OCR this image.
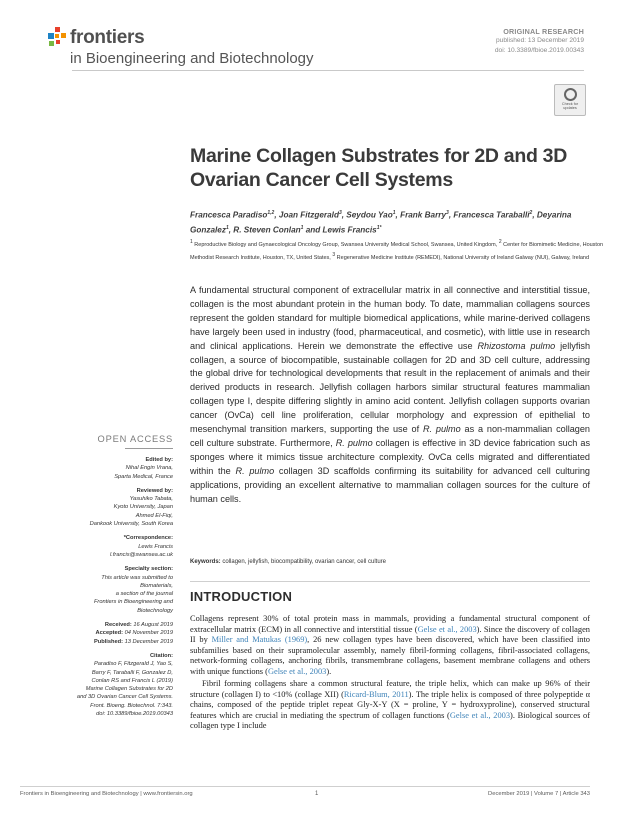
frontiers
in Bioengineering and Biotechnology
ORIGINAL RESEARCH
published: 13 December 2019
doi: 10.3389/fbioe.2019.00343
Check for updates
Marine Collagen Substrates for 2D and 3D Ovarian Cancer Cell Systems
Francesca Paradiso$^{1,2}$, Joan Fitzgerald$^3$, Seydou Yao$^1$, Frank Barry$^3$, Francesca Taraballi$^2$, Deyarina Gonzalez$^1$, R. Steven Conlan$^1$ and Lewis Francis$^{1*}$
$^1$ Reproductive Biology and Gynaecological Oncology Group, Swansea University Medical School, Swansea, United Kingdom, $^2$ Center for Biomimetic Medicine, Houston Methodist Research Institute, Houston, TX, United States, $^3$ Regenerative Medicine Institute (REMEDI), National University of Ireland Galway (NUI), Galway, Ireland
A fundamental structural component of extracellular matrix in all connective and interstitial tissue, collagen is the most abundant protein in the human body. To date, mammalian collagens sources represent the golden standard for multiple biomedical applications, while marine-derived collagens have largely been used in industry (food, pharmaceutical, and cosmetic), with little use in research and clinical applications. Herein we demonstrate the effective use Rhizostoma pulmo jellyfish collagen, a source of biocompatible, sustainable collagen for 2D and 3D cell culture, addressing the global drive for technological developments that result in the replacement of animals and their derived products in research. Jellyfish collagen harbors similar structural features mammalian collagen type I, despite differing slightly in amino acid content. Jellyfish collagen supports ovarian cancer (OvCa) cell line proliferation, cellular morphology and expression of epithelial to mesenchymal transition markers, supporting the use of R. pulmo as a non-mammalian collagen cell culture substrate. Furthermore, R. pulmo collagen is effective in 3D device fabrication such as sponges where it mimics tissue architecture complexity. OvCa cells migrated and differentiated within the R. pulmo collagen 3D scaffolds confirming its suitability for advanced cell culturing applications, providing an excellent alternative to mammalian collagen sources for the culture of human cells.
Keywords: collagen, jellyfish, biocompatibility, ovarian cancer, cell culture
OPEN ACCESS
Edited by:
Nihal Engin Vrana,
Sparta Medical, France
Reviewed by:
Yasuhiko Tabata,
Kyoto University, Japan
Ahmed El-Fiqi,
Dankook University, South Korea
*Correspondence:
Lewis Francis
l.francis@swansea.ac.uk
Specialty section:
This article was submitted to
Biomaterials,
a section of the journal
Frontiers in Bioengineering and
Biotechnology
Received: 16 August 2019
Accepted: 04 November 2019
Published: 13 December 2019
Citation:
Paradiso F, Fitzgerald J, Yao S,
Barry F, Taraballi F, Gonzalez D,
Conlan RS and Francis L (2019)
Marine Collagen Substrates for 2D
and 3D Ovarian Cancer Cell Systems.
Front. Bioeng. Biotechnol. 7:343.
doi: 10.3389/fbioe.2019.00343
INTRODUCTION

Collagens represent 30% of total protein mass in mammals, providing a fundamental structural component of extracellular matrix (ECM) in all connective and interstitial tissue (Gelse et al., 2003). Since the discovery of collagen II by Miller and Matukas (1969), 26 new collagen types have been discovered, which have been classified into subfamilies based on their supramolecular assembly, namely fibril-forming collagens, fibril-associated collagens, network-forming collagens, anchoring fibrils, transmembrane collagens, basement membrane collagens and others with unique functions (Gelse et al., 2003).

Fibril forming collagens share a common structural feature, the triple helix, which can make up 96% of their structure (collagen I) to <10% (collage XII) (Ricard-Blum, 2011). The triple helix is composed of three polypeptide α chains, composed of the peptide triplet repeat Gly-X-Y (X = proline, Y = hydroxyproline), conserved structural features which are crucial in mediating the spectrum of collagen functions (Gelse et al., 2003). Biological sources of collagen type I include

Frontiers in Bioengineering and Biotechnology | www.frontiersin.org	1	December 2019 | Volume 7 | Article 343
